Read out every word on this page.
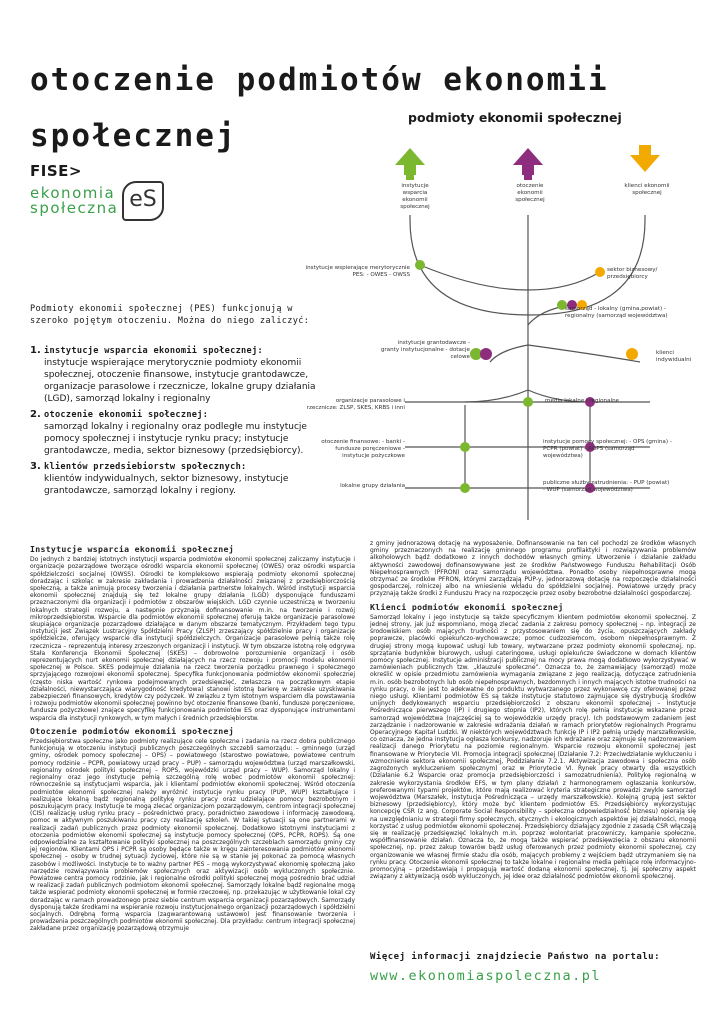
otoczenie podmiotów ekonomii
społecznej
podmioty ekonomii społecznej
FISE>
ekonomia
społeczna eS
Podmioty ekonomii społecznej (PES) funkcjonują w szeroko pojętym otoczeniu. Można do niego zaliczyć:
1. instytucje wsparcia ekonomii społecznej:
instytucje wspierające merytorycznie podmioty ekonomii społecznej, otoczenie finansowe, instytucje grantodawcze, organizacje parasolowe i rzecznicze, lokalne grupy działania (LGD), samorząd lokalny i regionalny
2. otoczenie ekonomii społecznej:
samorząd lokalny i regionalny oraz podległe mu instytucje pomocy społecznej i instytucje rynku pracy; instytucje grantodawcze, media, sektor biznesowy (przedsiębiorcy).
3. klientów przedsiebiorstw społecznych:
klientów indywidualnych, sektor biznesowy, instytucje grantodawcze, samorząd lokalny i regiony.
instytucje wsparcia ekonomii społecznej
otoczenie ekonomii społecznej
klienci ekonomii społecznej
instytucje wspierające merytorycznie PES: - OWES - OWSS
sektor biznesowy/ przedsiębiorcy
samorząd - lokalny (gmina,powiat) - regionalny (samorząd województwa)
instytucje grantodawcze - granty instytucjonalne - dotacje celowe
klienci indywidualni
organizacje parasolowe i rzecznicze: ZLSP, SKES, KRBS i inni
media lokalne i regionalne
otoczenie finansowe: - banki - fundusze poręczeniowe - instytucje pożyczkowe
instytucje pomocy społecznej: - OPS (gmina) - PCPR (powiat) - ROPS (samorząd województwa)
lokalne grupy działania	publiczne służby zatrudnienia: - PUP (powiat) - WUP (samorząd województwa)
Instytucje wsparcia ekonomii społecznej

Do jednych z bardziej istotnych instytucji wsparcia podmiotów ekonomii społecznej zaliczamy instytucje i organizacje pozarządowe tworzące ośrodki wsparcia ekonomii społecznej (OWES) oraz ośrodki wsparcia spółdzielczości socjalnej (OWSS). Ośrodki te kompleksowo wspierają podmioty ekonomii społecznej doradzając i szkoląc w zakresie zakładania i prowadzenia działalności związanej z przedsiębiorczością społeczną, a także animują procesy tworzenia i działania partnerstw lokalnych. Wśród instytucji wsparcia ekonomii społecznej znajdują się też lokalne grupy działania (LGD) dysponujące funduszami przeznaczonymi dla organizacji i podmiotów z obszarów wiejskich. LGD czynnie uczestniczą w tworzeniu lokalnych strategii rozwoju, a następnie przyznają dofinansowanie m.in. na tworzenie i rozwój mikroprzedsiębiorstw. Wsparcie dla podmiotów ekonomii społecznej oferują także organizacje parasolowe skupiające organizacje pozarządowe działające w danym obszarze tematycznym. Przykładem tego typu instytucji jest Związek Lustracyjny Spółdzielni Pracy (ZLSP) zrzeszający spółdzielnie pracy i organizacje spółdzielcze, oferujący wsparcie dla instytucji spółdzielczych. Organizacje parasolowe pełnią także rolę rzecznicza – reprezentują interesy zrzeszonych organizacji i instytucji. W tym obszarze istotną rolę odgrywa Stała Konferencja Ekonomii Społecznej (SKES) – dobrowolne porozumienie organizacji i osób reprezentujących nurt ekonomii społecznej działających na rzecz rozwoju i promocji modelu ekonomii społecznej w Polsce. SKES podejmuje działania na rzecz tworzenia porządku prawnego i społecznego sprzyjającego rozwojowi ekonomii społecznej. Specyfika funkcjonowania podmiotów ekonomii społecznej (często niska wartość rynkowa podejmowanych przedsięwzięć, zwłaszcza na początkowym etapie działalności, niewystarczająca wiarygodność kredytowa) stanowi istotną barierę w zakresie uzyskiwania zabezpieczeń finansowych, kredytów czy pożyczek. W związku z tym istotnym wsparciem dla powstawania i rozwoju podmiotów ekonomii społecznej powinno być otoczenie finansowe (banki, fundusze poręczeniowe, fundusze pożyczkowe) znające specyfikę funkcjonowania podmiotów ES oraz dysponujące instrumentami wsparcia dla instytucji rynkowych, w tym małych i średnich przedsiębiorstw.

Otoczenie podmiotów ekonomii społecznej

Przedsiębiorstwa społeczne jako podmioty realizujące cele społeczne i zadania na rzecz dobra publicznego funkcjonują w otoczeniu instytucji publicznych poszczególnych szczebli samorządu: – gminnego (urząd gminy, ośrodek pomocy społecznej – OPS) – powiatowego (starostwo powiatowe, powiatowe centrum pomocy rodzinie – PCPR, powiatowy urząd pracy – PUP) – samorządu województwa (urząd marszałkowski, regionalny ośrodek polityki społecznej – ROPS, wojewódzki urząd pracy – WUP). Samorząd lokalny i regionalny oraz jego instytucje pełnią szczególną rolę wobec podmiotów ekonomii społecznej: równocześnie są instytucjami wsparcia, jak i klientami podmiotów ekonomii społecznej. Wśród otoczenia podmiotów ekonomii społecznej należy wyróżnić instytucje rynku pracy (PUP, WUP) kształtujące i realizujące lokalną bądź regionalną politykę rynku pracy oraz udzielające pomocy bezrobotnym i poszukującym pracy. Instytucje te mogą zlecać organizacjom pozarządowym, centrom integracji społecznej (CIS) realizację usług rynku pracy – pośrednictwo pracy, poradnictwo zawodowe i informację zawodową, pomoc w aktywnym poszukiwaniu pracy czy realizację szkoleń. W takiej sytuacji są one partnerami w realizacji zadań publicznych przez podmioty ekonomii społecznej. Dodatkowo istotnymi instytucjami z otoczenia podmiotów ekonomii społecznej są instytucje pomocy społecznej (OPS, PCPR, ROPS). Są one odpowiedzialne za kształtowanie polityki społecznej na poszczególnych szczeblach samorządu gminy czy jej regionów. Klientami OPS i PCPR są osoby będące także w kręgu zainteresowania podmiotów ekonomii społecznej – osoby w trudnej sytuacji życiowej, które nie są w stanie jej pokonać za pomocą własnych zasobów i możliwości. Instytucje te to ważny partner PES – mogą wykorzystywać ekonomię społeczną jako narzędzie rozwiązywania problemów społecznych oraz aktywizacji osób wykluczonych społecznie. Powiatowe centra pomocy rodzinie, jak i regionalne ośrodki polityki społecznej mogą pośrednio brać udział w realizacji zadań publicznych podmiotom ekonomii społecznej. Samorządy lokalne bądź regionalne mogą także wspierać podmioty ekonomii społecznej w formie rzeczowej, np. przekazując w użytkowanie lokal czy doradzając w ramach prowadzonego przez siebie centrum wsparcia organizacji pozarządowych. Samorządy dysponują także środkami na wspieranie rozwoju instytucjonalnego organizacji pozarządowych i spółdzielni socjalnych. Odrębną formą wsparcia (zagwarantowaną ustawowo) jest finansowanie tworzenia i prowadzenia poszczególnych podmiotów ekonomii społecznej. Dla przykładu: centrum integracji społecznej zakładane przez organizację pozarządową otrzymuje

z gminy jednorazową dotację na wyposażenie. Dofinansowanie na ten cel pochodzi ze środków własnych gminy przeznaczonych na realizację gminnego programu profilaktyki i rozwiązywania problemów alkoholowych bądź dodatkowo z innych dochodów własnych gminy. Utworzenie i działanie zakładu aktywności zawodowej dofinansowywane jest ze środków Państwowego Funduszu Rehabilitacji Osób Niepełnosprawnych (PFRON) oraz samorządu województwa. Ponadto osoby niepełnosprawne mogą otrzymać ze środków PFRON, którymi zarządzają PUP-y, jednorazową dotację na rozpoczęcie działalności gospodarczej, rolniczej albo na wniesienie wkładu do spółdzielni socjalnej. Powiatowe urzędy pracy przyznają także środki z Funduszu Pracy na rozpoczęcie przez osoby bezrobotne działalności gospodarczej.

Klienci podmiotów ekonomii społecznej

Samorząd lokalny i jego instytucje są także specyficznym klientem podmiotów ekonomii społecznej. Z jednej strony, jak już wspomniano, mogą zlecać zadania z zakresu pomocy społecznej – np. integracji ze środowiskiem osób mających trudności z przystosowaniem się do życia, opuszczających zakłady poprawcze, placówki opiekuńczo-wychowawcze; pomoc cudzoziemcom, osobom niepełnosprawnym. Z drugiej strony mogą kupować usługi lub towary, wytwarzane przez podmioty ekonomii społecznej, np. sprzątanie budynków biurowych, usługi cateringowe, usługi opiekuńcze świadczone w domach klientów pomocy społecznej. Instytucje administracji publicznej na mocy prawa mogą dodatkowo wykorzystywać w zamówieniach publicznych tzw. „klauzule społeczne”. Oznacza to, że zamawiający (samorząd) może określić w opisie przedmiotu zamówienia wymagania związane z jego realizacją, dotyczące zatrudnienia m.in. osób bezrobotnych lub osób niepełnosprawnych, bezdomnych i innych mających istotne trudności na rynku pracy, o ile jest to adekwatne do produktu wytwarzanego przez wykonawcę czy oferowanej przez niego usługi. Klientami podmiotów ES są także instytucje statutowo zajmujące się dystrybucją środków unijnych dedykowanych wsparciu przedsiębiorczości z obszaru ekonomii społecznej – Instytucje Pośredniczące pierwszego (IP) i drugiego stopnia (IP2), których rolę pełnią instytucje wskazane przez samorząd województwa (najczęściej są to wojewódzkie urzędy pracy). Ich podstawowym zadaniem jest zarządzanie i nadzorowanie w zakresie wdrażania działań w ramach priorytetów regionalnych Programu Operacyjnego Kapitał Ludzki. W niektórych województwach funkcję IP i IP2 pełnią urzędy marszałkowskie, co oznacza, że jedna instytucja ogłasza konkursy, nadzoruje ich wdrażanie oraz zajmuje się nadzorowaniem realizacji danego Priorytetu na poziomie regionalnym. Wsparcie rozwoju ekonomii społecznej jest finansowane w Priorytecie VII. Promocja integracji społecznej (Działanie 7.2: Przeciwdziałanie wykluczeniu i wzmocnienie sektora ekonomii społecznej, Poddziałanie 7.2.1. Aktywizacja zawodowa i społeczna osób zagrożonych wykluczeniem społecznym) oraz w Priorytecie VI. Rynek pracy otwarty dla wszystkich (Działanie 6.2 Wsparcie oraz promocja przedsiębiorczości i samozatrudnienia). Politykę regionalną w zakresie wykorzystania środków EFS, w tym plany działań z harmonogramem ogłaszania konkursów, preferowanymi typami projektów, które mają realizować kryteria strategiczne prowadzi zwykle samorząd województwa (Marszałek, Instytucja Pośrednicząca – urzędy marszałkowskie). Kolejną grupą jest sektor biznesowy (przedsiębiorcy), który może być klientem podmiotów ES. Przedsiębiorcy wykorzystując koncepcję CSR (z ang. Corporate Social Responsibility – społeczna odpowiedzialność biznesu) opierają się na uwzględnianiu w strategii firmy społecznych, etycznych i ekologicznych aspektów jej działalności, mogą korzystać z usług podmiotów ekonomii społecznej. Przedsiębiorcy działający zgodnie z zasadą CSR włączają się w realizację przedsięwzięć lokalnych m.in. poprzez wolontariat pracowniczy, kampanie społeczne, współfinansowanie działań. Oznacza to, że mogą także wspierać przedsięwzięcia z obszaru ekonomii społecznej, np. przez zakup towarów bądź usług oferowanych przez podmioty ekonomii społecznej, czy organizowanie we własnej firmie stażu dla osób, mających problemy z wejściem bądź utrzymaniem się na rynku pracy. Otoczenie ekonomii społecznej to także lokalne i regionalne media pełniące rolę informacyjno-promocyjną – przedstawiają i propagują wartość dodaną ekonomii społecznej, tj. jej społeczny aspekt związany z aktywizacją osób wykluczonych, jej idee oraz działalność podmiotów ekonomii społecznej.

Więcej informacji znajdziecie Państwo na portalu:
www.ekonomiaspoleczna.pl
